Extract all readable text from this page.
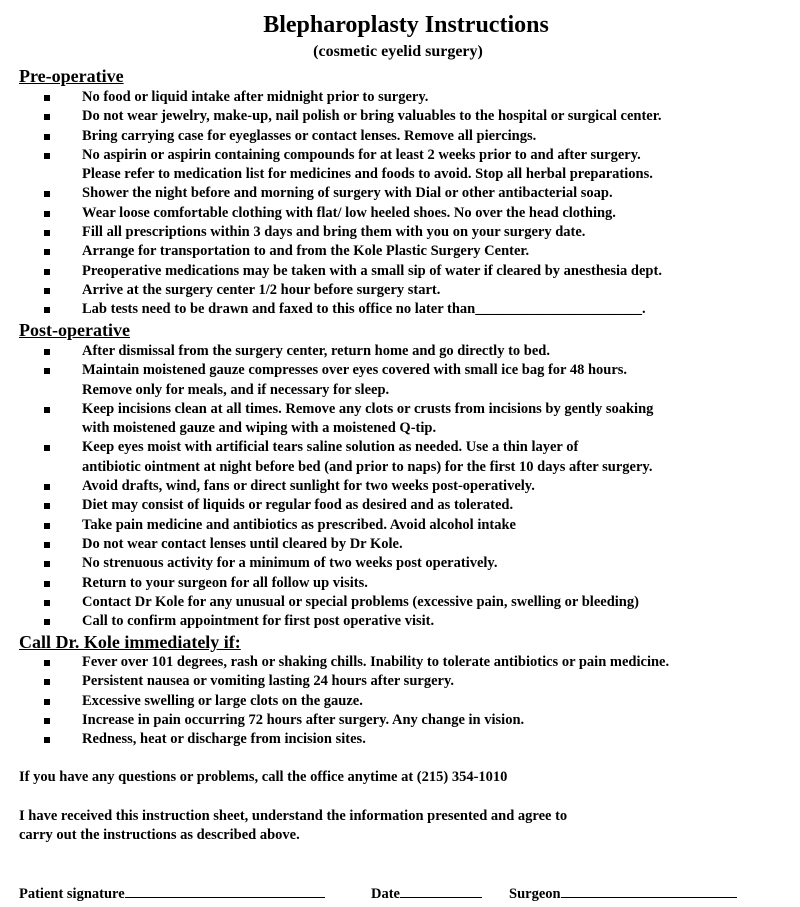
Blepharoplasty Instructions

(cosmetic eyelid surgery)

Pre-operative
No food or liquid intake after midnight prior to surgery.
Do not wear jewelry, make-up, nail polish or bring valuables to the hospital or surgical center.
Bring carrying case for eyeglasses or contact lenses. Remove all piercings.
No aspirin or aspirin containing compounds for at least 2 weeks prior to and after surgery.
Please refer to medication list for medicines and foods to avoid. Stop all herbal preparations.
Shower the night before and morning of surgery with Dial or other antibacterial soap.
Wear loose comfortable clothing with flat/ low heeled shoes. No over the head clothing.
Fill all prescriptions within 3 days and bring them with you on your surgery date.
Arrange for transportation to and from the Kole Plastic Surgery Center.
Preoperative medications may be taken with a small sip of water if cleared by anesthesia dept.
Arrive at the surgery center 1/2 hour before surgery start.
Lab tests need to be drawn and faxed to this office no later than_______________________.
Post-operative
After dismissal from the surgery center, return home and go directly to bed.
Maintain moistened gauze compresses over eyes covered with small ice bag for 48 hours.
Remove only for meals, and if necessary for sleep.
Keep incisions clean at all times. Remove any clots or crusts from incisions by gently soaking
with moistened gauze and wiping with a moistened Q-tip.
Keep eyes moist with artificial tears saline solution as needed. Use a thin layer of
antibiotic ointment at night before bed (and prior to naps) for the first 10 days after surgery.
Avoid drafts, wind, fans or direct sunlight for two weeks post-operatively.
Diet may consist of liquids or regular food as desired and as tolerated.
Take pain medicine and antibiotics as prescribed. Avoid alcohol intake
Do not wear contact lenses until cleared by Dr Kole.
No strenuous activity for a minimum of two weeks post operatively.
Return to your surgeon for all follow up visits.
Contact Dr Kole for any unusual or special problems (excessive pain, swelling or bleeding)
Call to confirm appointment for first post operative visit.
Call Dr. Kole immediately if:
Fever over 101 degrees, rash or shaking chills. Inability to tolerate antibiotics or pain medicine.
Persistent nausea or vomiting lasting 24 hours after surgery.
Excessive swelling or large clots on the gauze.
Increase in pain occurring 72 hours after surgery. Any change in vision.
Redness, heat or discharge from incision sites.

If you have any questions or problems, call the office anytime at (215) 354-1010

I have received this instruction sheet, understand the information presented and agree to

carry out the instructions as described above.

Patient signature	Date	Surgeon
